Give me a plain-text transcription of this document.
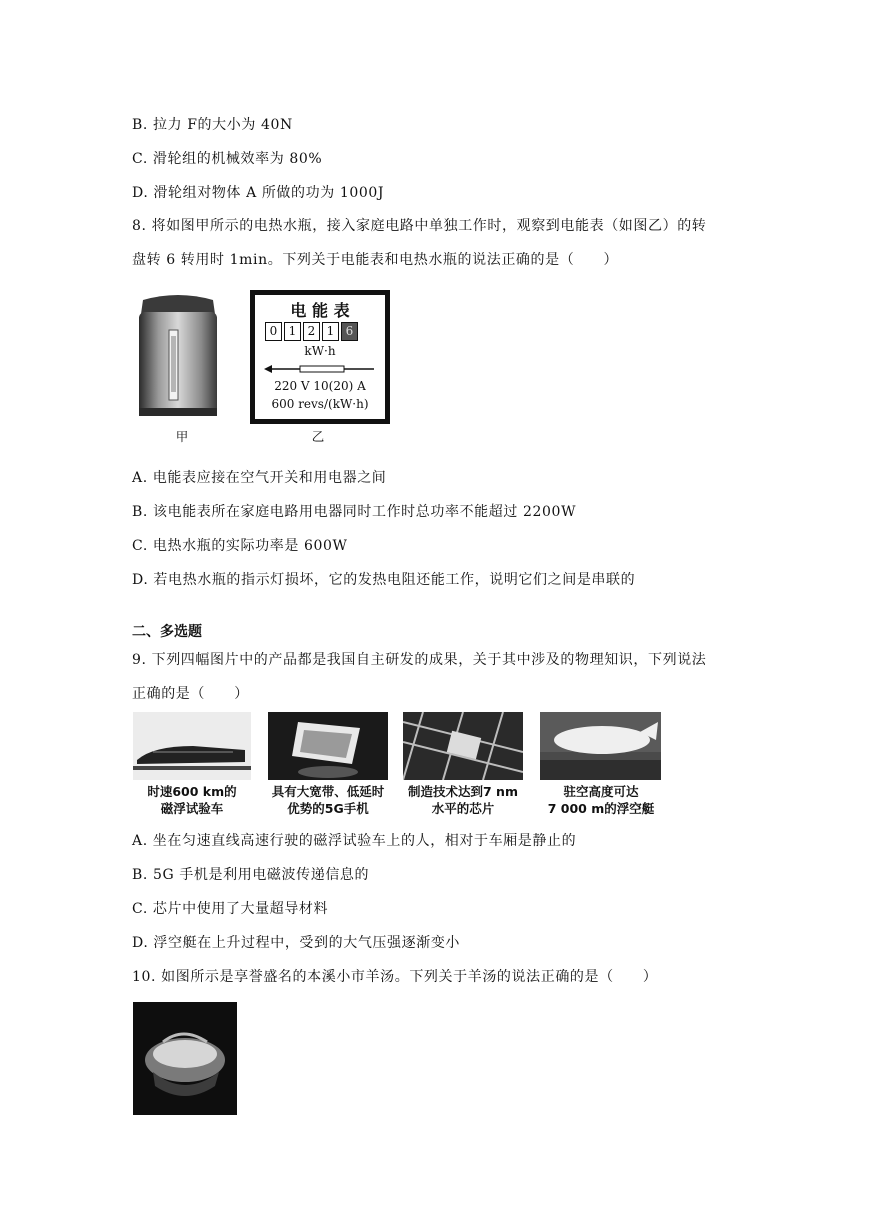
B. 拉力 F的大小为 40N
C. 滑轮组的机械效率为 80%
D. 滑轮组对物体 A 所做的功为 1000J
8. 将如图甲所示的电热水瓶，接入家庭电路中单独工作时，观察到电能表（如图乙）的转
盘转 6 转用时 1min。下列关于电能表和电热水瓶的说法正确的是（　　）
甲
电 能 表
0 1 2 1 6
kW·h
220 V 10(20) A
600 revs/(kW·h)
乙
A. 电能表应接在空气开关和用电器之间
B. 该电能表所在家庭电路用电器同时工作时总功率不能超过 2200W
C. 电热水瓶的实际功率是 600W
D. 若电热水瓶的指示灯损坏，它的发热电阻还能工作，说明它们之间是串联的
二、多选题
9. 下列四幅图片中的产品都是我国自主研发的成果，关于其中涉及的物理知识，下列说法
正确的是（　　）
时速600 km的
磁浮试验车
具有大宽带、低延时
优势的5G手机
制造技术达到7 nm
水平的芯片
驻空高度可达
7 000 m的浮空艇
A. 坐在匀速直线高速行驶的磁浮试验车上的人，相对于车厢是静止的
B. 5G 手机是利用电磁波传递信息的
C. 芯片中使用了大量超导材料
D. 浮空艇在上升过程中，受到的大气压强逐渐变小
10. 如图所示是享誉盛名的本溪小市羊汤。下列关于羊汤的说法正确的是（　　）
